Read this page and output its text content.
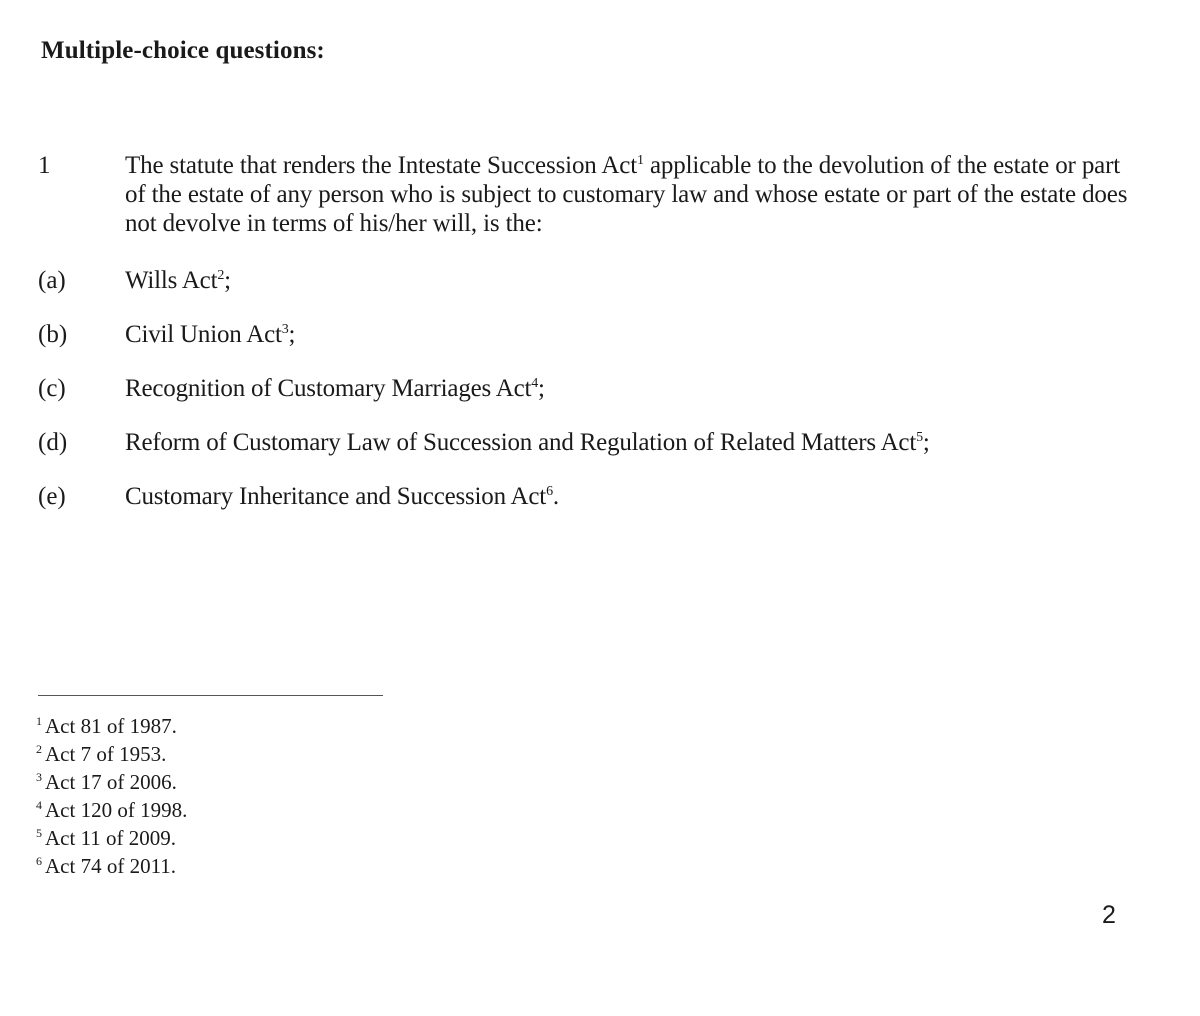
Multiple-choice questions:
1	The statute that renders the Intestate Succession Act$^1$ applicable to the devolution of the estate or part of the estate of any person who is subject to customary law and whose estate or part of the estate does not devolve in terms of his/her will, is the:
(a) Wills Act$^2$;
(b) Civil Union Act$^3$;
(c) Recognition of Customary Marriages Act$^4$;
(d) Reform of Customary Law of Succession and Regulation of Related Matters Act$^5$;
(e) Customary Inheritance and Succession Act$^6$.
$^1$ Act 81 of 1987.
$^2$ Act 7 of 1953.
$^3$ Act 17 of 2006.
$^4$ Act 120 of 1998.
$^5$ Act 11 of 2009.
$^6$ Act 74 of 2011.
2
